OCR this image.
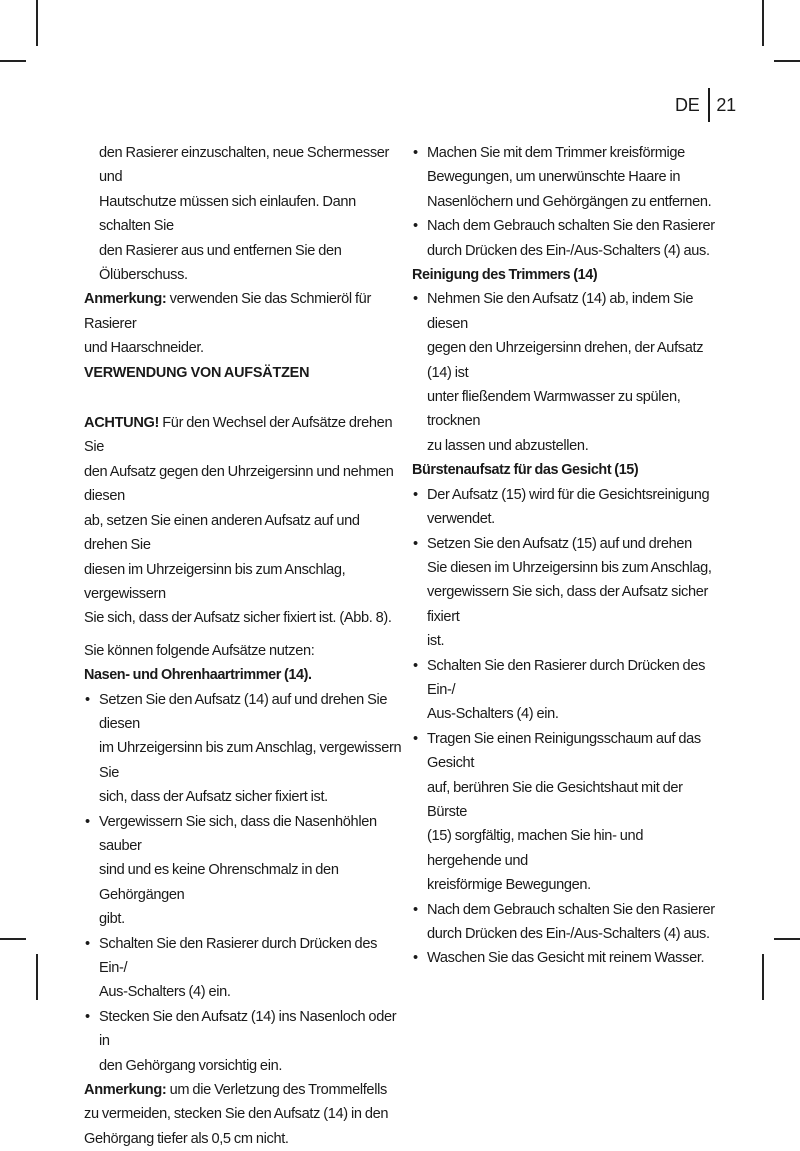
DE 21
den Rasierer einzuschalten, neue Schermesser und
Hautschutze müssen sich einlaufen. Dann schalten Sie
den Rasierer aus und entfernen Sie den Ölüberschuss.
Anmerkung: verwenden Sie das Schmieröl für Rasierer
und Haarschneider.
VERWENDUNG VON AUFSÄTZEN
ACHTUNG! Für den Wechsel der Aufsätze drehen Sie
den Aufsatz gegen den Uhrzeigersinn und nehmen diesen
ab, setzen Sie einen anderen Aufsatz auf und drehen Sie
diesen im Uhrzeigersinn bis zum Anschlag, vergewissern
Sie sich, dass der Aufsatz sicher fixiert ist. (Abb. 8).
Sie können folgende Aufsätze nutzen:
Nasen- und Ohrenhaartrimmer (14).
• Setzen Sie den Aufsatz (14) auf und drehen Sie diesen
im Uhrzeigersinn bis zum Anschlag, vergewissern Sie
sich, dass der Aufsatz sicher fixiert ist.
• Vergewissern Sie sich, dass die Nasenhöhlen sauber
sind und es keine Ohrenschmalz in den Gehörgängen
gibt.
• Schalten Sie den Rasierer durch Drücken des Ein-/
Aus-Schalters (4) ein.
• Stecken Sie den Aufsatz (14) ins Nasenloch oder in
den Gehörgang vorsichtig ein.
Anmerkung: um die Verletzung des Trommelfells
zu vermeiden, stecken Sie den Aufsatz (14) in den
Gehörgang tiefer als 0,5 cm nicht.
• Machen Sie mit dem Trimmer kreisförmige
Bewegungen, um unerwünschte Haare in
Nasenlöchern und Gehörgängen zu entfernen.
• Nach dem Gebrauch schalten Sie den Rasierer
durch Drücken des Ein-/Aus-Schalters (4) aus.
Reinigung des Trimmers (14)
• Nehmen Sie den Aufsatz (14) ab, indem Sie diesen
gegen den Uhrzeigersinn drehen, der Aufsatz (14) ist
unter fließendem Warmwasser zu spülen, trocknen
zu lassen und abzustellen.
Bürstenaufsatz für das Gesicht (15)
• Der Aufsatz (15) wird für die Gesichtsreinigung
verwendet.
• Setzen Sie den Aufsatz (15) auf und drehen
Sie diesen im Uhrzeigersinn bis zum Anschlag,
vergewissern Sie sich, dass der Aufsatz sicher fixiert
ist.
• Schalten Sie den Rasierer durch Drücken des Ein-/
Aus-Schalters (4) ein.
• Tragen Sie einen Reinigungsschaum auf das Gesicht
auf, berühren Sie die Gesichtshaut mit der Bürste
(15) sorgfältig, machen Sie hin- und hergehende und
kreisförmige Bewegungen.
• Nach dem Gebrauch schalten Sie den Rasierer
durch Drücken des Ein-/Aus-Schalters (4) aus.
• Waschen Sie das Gesicht mit reinem Wasser.
